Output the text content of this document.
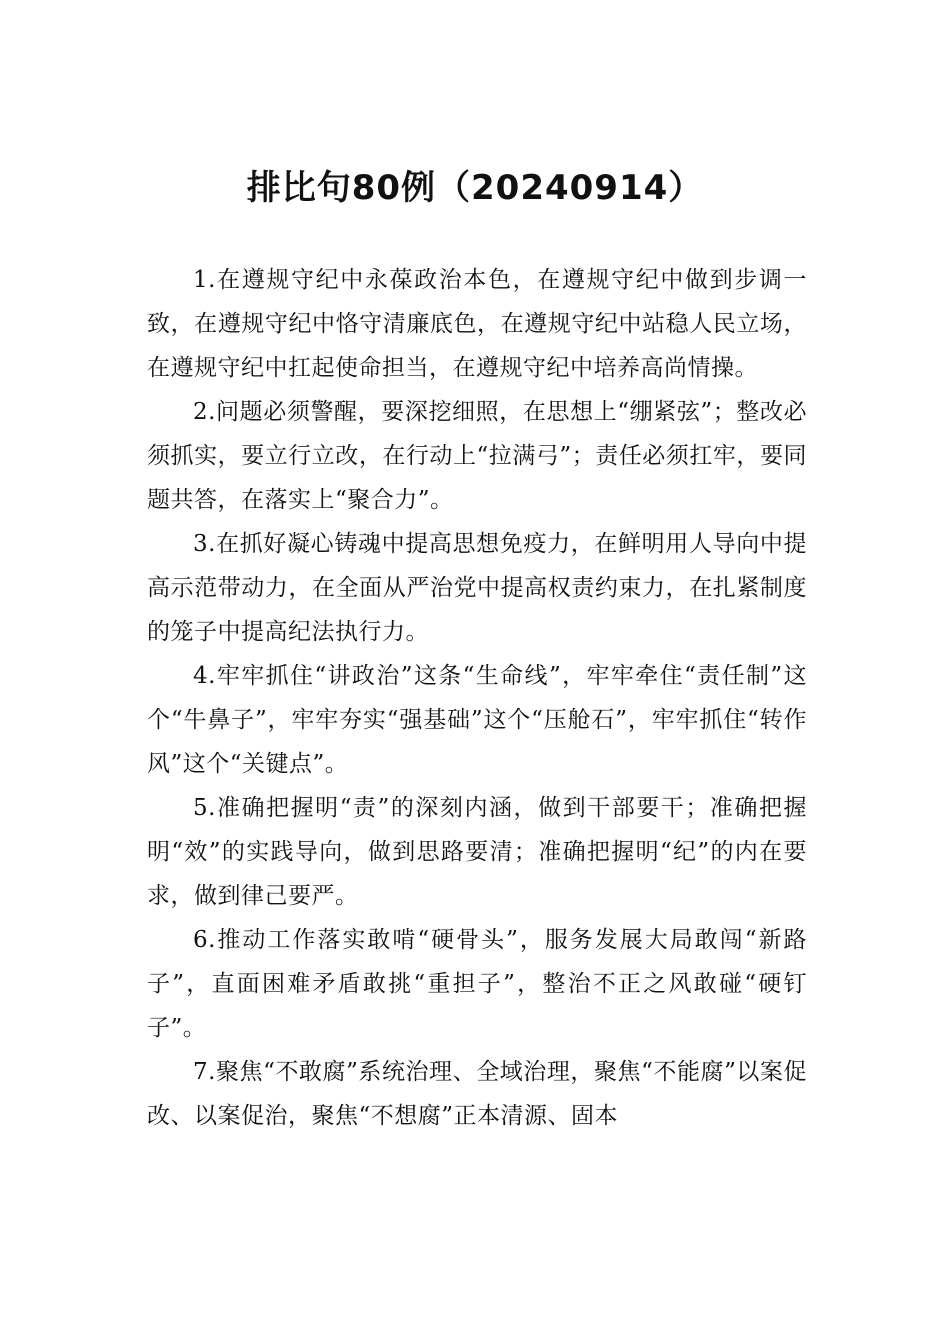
排比句80例（20240914）

1.在遵规守纪中永葆政治本色，在遵规守纪中做到步调一致，在遵规守纪中恪守清廉底色，在遵规守纪中站稳人民立场，在遵规守纪中扛起使命担当，在遵规守纪中培养高尚情操。

2.问题必须警醒，要深挖细照，在思想上“绷紧弦”；整改必须抓实，要立行立改，在行动上“拉满弓”；责任必须扛牢，要同题共答，在落实上“聚合力”。

3.在抓好凝心铸魂中提高思想免疫力，在鲜明用人导向中提高示范带动力，在全面从严治党中提高权责约束力，在扎紧制度的笼子中提高纪法执行力。

4.牢牢抓住“讲政治”这条“生命线”，牢牢牵住“责任制”这个“牛鼻子”，牢牢夯实“强基础”这个“压舱石”，牢牢抓住“转作风”这个“关键点”。

5.准确把握明“责”的深刻内涵，做到干部要干；准确把握明“效”的实践导向，做到思路要清；准确把握明“纪”的内在要求，做到律己要严。

6.推动工作落实敢啃“硬骨头”，服务发展大局敢闯“新路子”，直面困难矛盾敢挑“重担子”，整治不正之风敢碰“硬钉子”。

7.聚焦“不敢腐”系统治理、全域治理，聚焦“不能腐”以案促改、以案促治，聚焦“不想腐”正本清源、固本
